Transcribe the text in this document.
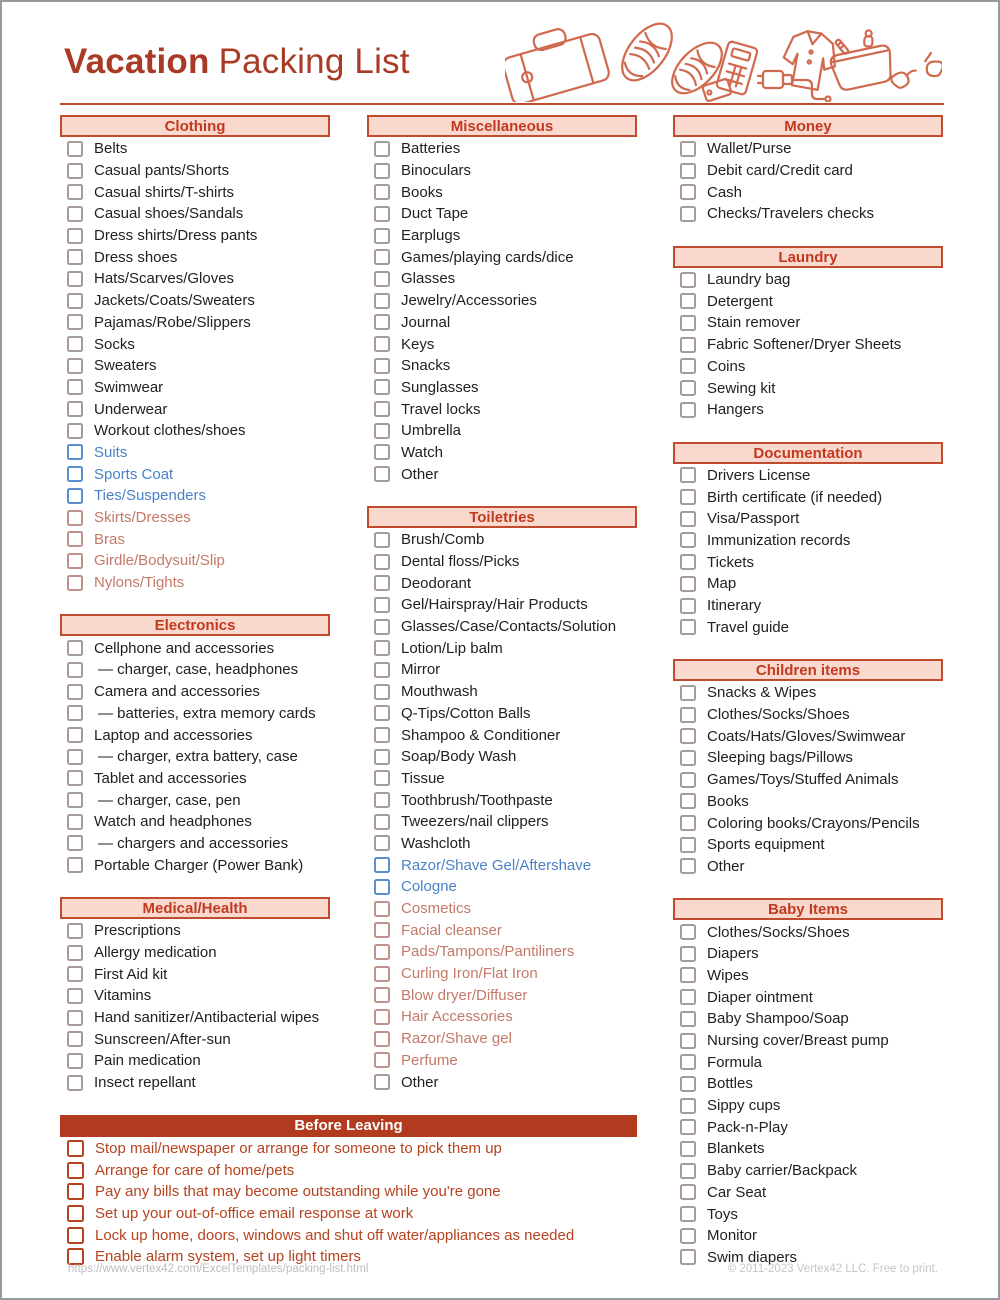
Vacation Packing List
Clothing
Belts
Casual pants/Shorts
Casual shirts/T-shirts
Casual shoes/Sandals
Dress shirts/Dress pants
Dress shoes
Hats/Scarves/Gloves
Jackets/Coats/Sweaters
Pajamas/Robe/Slippers
Socks
Sweaters
Swimwear
Underwear
Workout clothes/shoes
Suits
Sports Coat
Ties/Suspenders
Skirts/Dresses
Bras
Girdle/Bodysuit/Slip
Nylons/Tights
Electronics
Cellphone and accessories
— charger, case, headphones
Camera and accessories
— batteries, extra memory cards
Laptop and accessories
— charger, extra battery, case
Tablet and accessories
— charger, case, pen
Watch and headphones
— chargers and accessories
Portable Charger (Power Bank)
Medical/Health
Prescriptions
Allergy medication
First Aid kit
Vitamins
Hand sanitizer/Antibacterial wipes
Sunscreen/After-sun
Pain medication
Insect repellant
Before Leaving
Stop mail/newspaper or arrange for someone to pick them up
Arrange for care of home/pets
Pay any bills that may become outstanding while you're gone
Set up your out-of-office email response at work
Lock up home, doors, windows and shut off water/appliances as needed
Enable alarm system, set up light timers
Miscellaneous
Batteries
Binoculars
Books
Duct Tape
Earplugs
Games/playing cards/dice
Glasses
Jewelry/Accessories
Journal
Keys
Snacks
Sunglasses
Travel locks
Umbrella
Watch
Other
Toiletries
Brush/Comb
Dental floss/Picks
Deodorant
Gel/Hairspray/Hair Products
Glasses/Case/Contacts/Solution
Lotion/Lip balm
Mirror
Mouthwash
Q-Tips/Cotton Balls
Shampoo & Conditioner
Soap/Body Wash
Tissue
Toothbrush/Toothpaste
Tweezers/nail clippers
Washcloth
Razor/Shave Gel/Aftershave
Cologne
Cosmetics
Facial cleanser
Pads/Tampons/Pantiliners
Curling Iron/Flat Iron
Blow dryer/Diffuser
Hair Accessories
Razor/Shave gel
Perfume
Other
Money
Wallet/Purse
Debit card/Credit card
Cash
Checks/Travelers checks
Laundry
Laundry bag
Detergent
Stain remover
Fabric Softener/Dryer Sheets
Coins
Sewing kit
Hangers
Documentation
Drivers License
Birth certificate (if needed)
Visa/Passport
Immunization records
Tickets
Map
Itinerary
Travel guide
Children items
Snacks & Wipes
Clothes/Socks/Shoes
Coats/Hats/Gloves/Swimwear
Sleeping bags/Pillows
Games/Toys/Stuffed Animals
Books
Coloring books/Crayons/Pencils
Sports equipment
Other
Baby Items
Clothes/Socks/Shoes
Diapers
Wipes
Diaper ointment
Baby Shampoo/Soap
Nursing cover/Breast pump
Formula
Bottles
Sippy cups
Pack-n-Play
Blankets
Baby carrier/Backpack
Car Seat
Toys
Monitor
Swim diapers
https://www.vertex42.com/ExcelTemplates/packing-list.html	© 2011-2023 Vertex42 LLC. Free to print.
